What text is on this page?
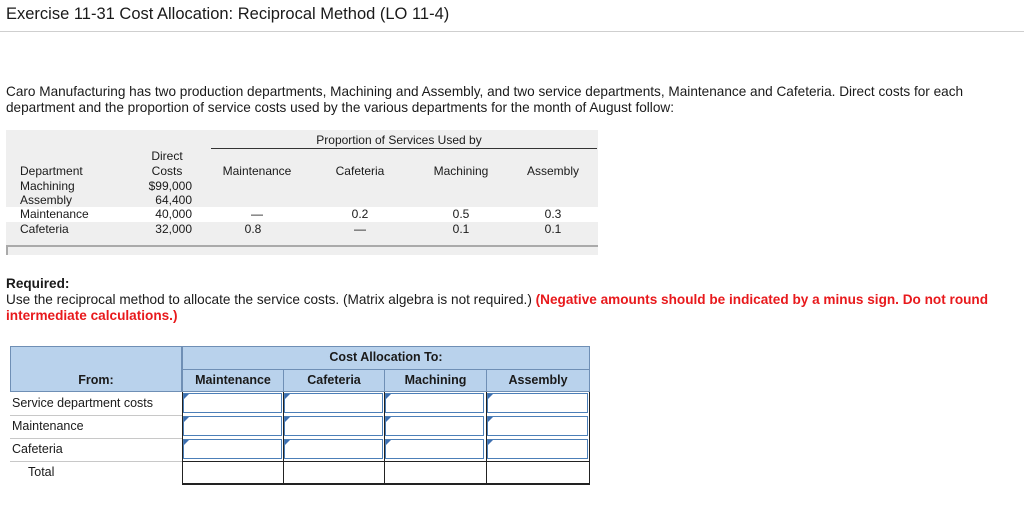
Exercise 11-31 Cost Allocation: Reciprocal Method (LO 11-4)
Caro Manufacturing has two production departments, Machining and Assembly, and two service departments, Maintenance and Cafeteria. Direct costs for each department and the proportion of service costs used by the various departments for the month of August follow:
Proportion of Services Used by
Direct
Department	Costs	Maintenance	Cafeteria	Machining	Assembly
Machining	$99,000
Assembly	64,400
Maintenance	40,000	—	0.2	0.5	0.3
Cafeteria	32,000	0.8	—	0.1	0.1
Required:
Use the reciprocal method to allocate the service costs. (Matrix algebra is not required.) (Negative amounts should be indicated by a minus sign. Do not round intermediate calculations.)
Cost Allocation To:
From:	Maintenance	Cafeteria	Machining	Assembly
Service department costs
Maintenance
Cafeteria
Total
